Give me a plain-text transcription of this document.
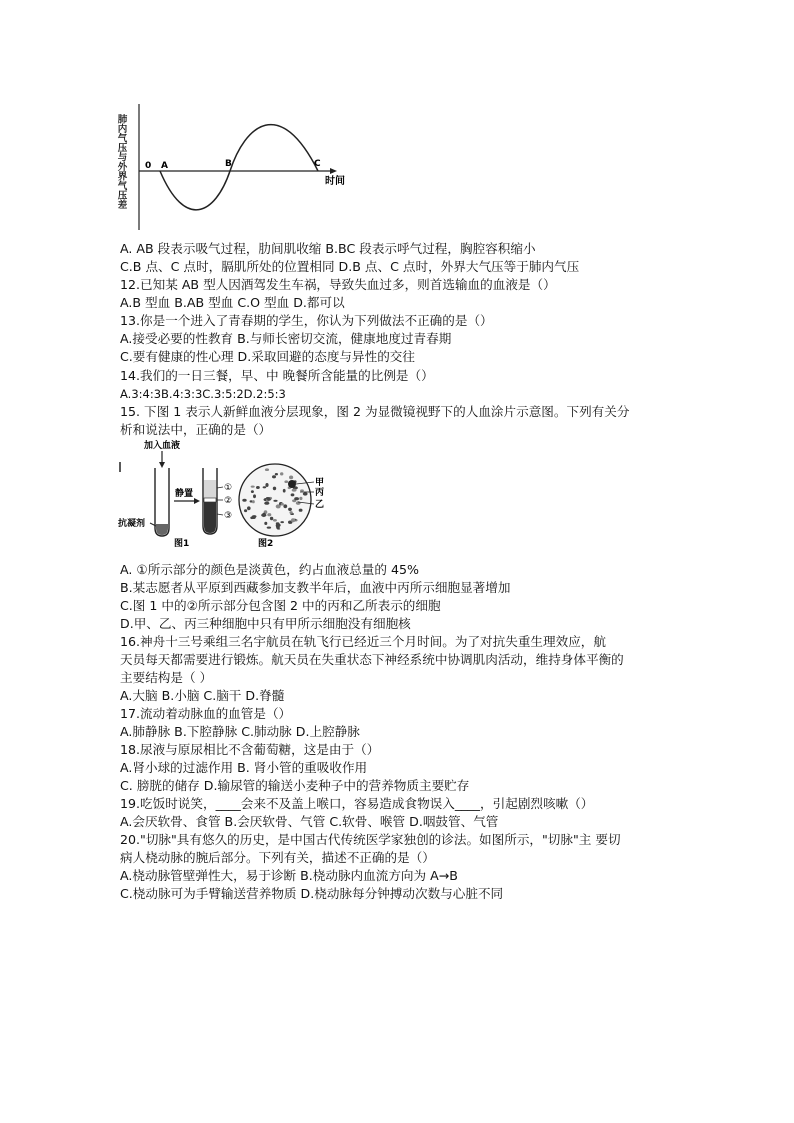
肺内气压与外界气压差	A	B	C
0
时间
A. AB 段表示吸气过程，肋间肌收缩 B.BC 段表示呼气过程，胸腔容积缩小
C.B 点、C 点时，膈肌所处的位置相同 D.B 点、C 点时，外界大气压等于肺内气压
12.已知某 AB 型人因酒驾发生车祸，导致失血过多，则首选输血的血液是（）
A.B 型血 B.AB 型血 C.O 型血 D.都可以
13.你是一个进入了青春期的学生，你认为下列做法不正确的是（）
A.接受必要的性教育 B.与师长密切交流，健康地度过青春期
C.要有健康的性心理 D.采取回避的态度与异性的交往
14.我们的一日三餐，早、中 晚餐所含能量的比例是（）
A.3:4:3B.4:3:3C.3:5:2D.2:5:3
15. 下图 1 表示人新鲜血液分层现象，图 2 为显微镜视野下的人血涂片示意图。下列有关分
析和说法中，正确的是（）
加入血液
抗凝剂
静置
①
②
③
甲
丙
乙
图1	图2
A. ①所示部分的颜色是淡黄色，约占血液总量的 45%
B.某志愿者从平原到西藏参加支教半年后，血液中丙所示细胞显著增加
C.图 1 中的②所示部分包含图 2 中的丙和乙所表示的细胞
D.甲、乙、丙三种细胞中只有甲所示细胞没有细胞核
16.神舟十三号乘组三名宇航员在轨飞行已经近三个月时间。为了对抗失重生理效应，航
天员每天都需要进行锻炼。航天员在失重状态下神经系统中协调肌肉活动，维持身体平衡的
主要结构是（ ）
A.大脑 B.小脑 C.脑干 D.脊髓
17.流动着动脉血的血管是（）
A.肺静脉 B.下腔静脉 C.肺动脉 D.上腔静脉
18.尿液与原尿相比不含葡萄糖，这是由于（）
A.肾小球的过滤作用 B. 肾小管的重吸收作用
C. 膀胱的储存 D.输尿管的输送小麦种子中的营养物质主要贮存
19.吃饭时说笑，____会来不及盖上喉口，容易造成食物误入____，引起剧烈咳嗽（）
A.会厌软骨、食管 B.会厌软骨、气管 C.软骨、喉管 D.咽鼓管、气管
20."切脉"具有悠久的历史，是中国古代传统医学家独创的诊法。如图所示，"切脉"主 要切
病人桡动脉的腕后部分。下列有关，描述不正确的是（）
A.桡动脉管壁弹性大，易于诊断 B.桡动脉内血流方向为 A→B
C.桡动脉可为手臂输送营养物质 D.桡动脉每分钟搏动次数与心脏不同
